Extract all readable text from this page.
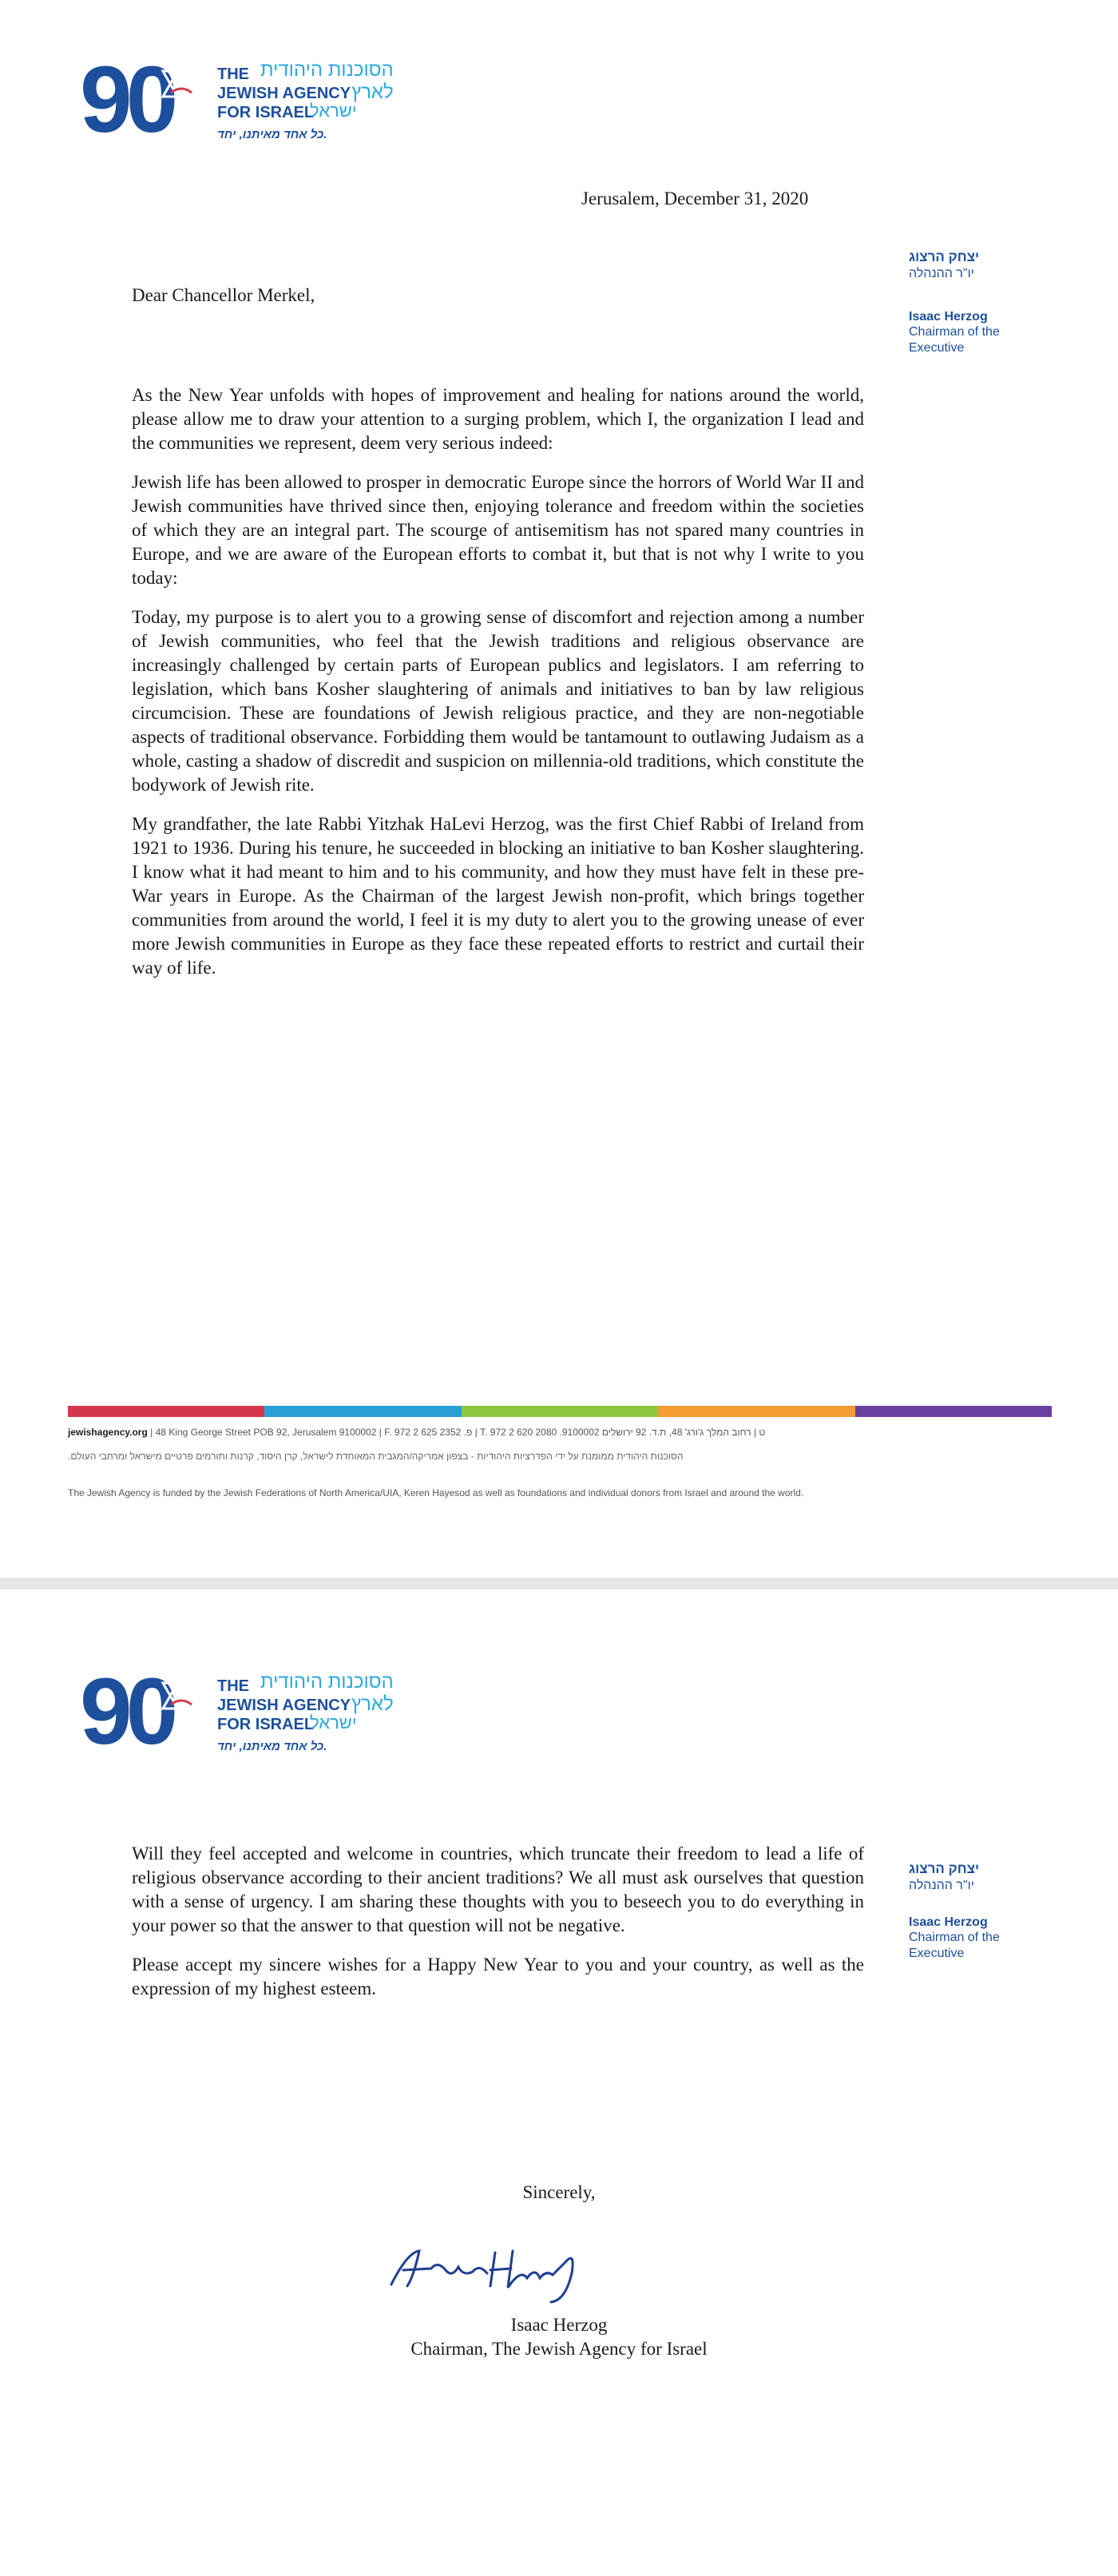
90	THE
JEWISH AGENCY
FOR ISRAEL
הסוכנות היהודית
לארץ
ישראל
כל אחד מאיתנו, יחד.
Jerusalem, December 31, 2020
יצחק הרצוג
יו"ר ההנהלה
Isaac Herzog
Chairman of the Executive
Dear Chancellor Merkel,

As the New Year unfolds with hopes of improvement and healing for nations around the world, please allow me to draw your attention to a surging problem, which I, the organization I lead and the communities we represent, deem very serious indeed:

Jewish life has been allowed to prosper in democratic Europe since the horrors of World War II and Jewish communities have thrived since then, enjoying tolerance and freedom within the societies of which they are an integral part. The scourge of antisemitism has not spared many countries in Europe, and we are aware of the European efforts to combat it, but that is not why I write to you today:

Today, my purpose is to alert you to a growing sense of discomfort and rejection among a number of Jewish communities, who feel that the Jewish traditions and religious observance are increasingly challenged by certain parts of European publics and legislators. I am referring to legislation, which bans Kosher slaughtering of animals and initiatives to ban by law religious circumcision. These are foundations of Jewish religious practice, and they are non-negotiable aspects of traditional observance. Forbidding them would be tantamount to outlawing Judaism as a whole, casting a shadow of discredit and suspicion on millennia-old traditions, which constitute the bodywork of Jewish rite.

My grandfather, the late Rabbi Yitzhak HaLevi Herzog, was the first Chief Rabbi of Ireland from 1921 to 1936. During his tenure, he succeeded in blocking an initiative to ban Kosher slaughtering. I know what it had meant to him and to his community, and how they must have felt in these pre-War years in Europe. As the Chairman of the largest Jewish non-profit, which brings together communities from around the world, I feel it is my duty to alert you to the growing unease of ever more Jewish communities in Europe as they face these repeated efforts to restrict and curtail their way of life.

jewishagency.org | 48 King George Street POB 92, Jerusalem 9100002 | F. 972 2 625 2352 .פ | T. 972 2 620 2080 .ט | רחוב המלך ג'ורג' 48, ת.ד. 92 ירושלים 9100002
הסוכנות היהודית ממומנת על ידי הפדרציות היהודיות - בצפון אמריקה/המגבית המאוחדת לישראל, קרן היסוד, קרנות ותורמים פרטיים מישראל ומרחבי העולם.
The Jewish Agency is funded by the Jewish Federations of North America/UIA, Keren Hayesod as well as foundations and individual donors from Israel and around the world.
90	THE
JEWISH AGENCY
FOR ISRAEL
הסוכנות היהודית
לארץ
ישראל
כל אחד מאיתנו, יחד.
יצחק הרצוג
יו"ר ההנהלה
Isaac Herzog
Chairman of the Executive

Will they feel accepted and welcome in countries, which truncate their freedom to lead a life of religious observance according to their ancient traditions? We all must ask ourselves that question with a sense of urgency. I am sharing these thoughts with you to beseech you to do everything in your power so that the answer to that question will not be negative.

Please accept my sincere wishes for a Happy New Year to you and your country, as well as the expression of my highest esteem.

Sincerely,
Isaac Herzog
Chairman, The Jewish Agency for Israel
